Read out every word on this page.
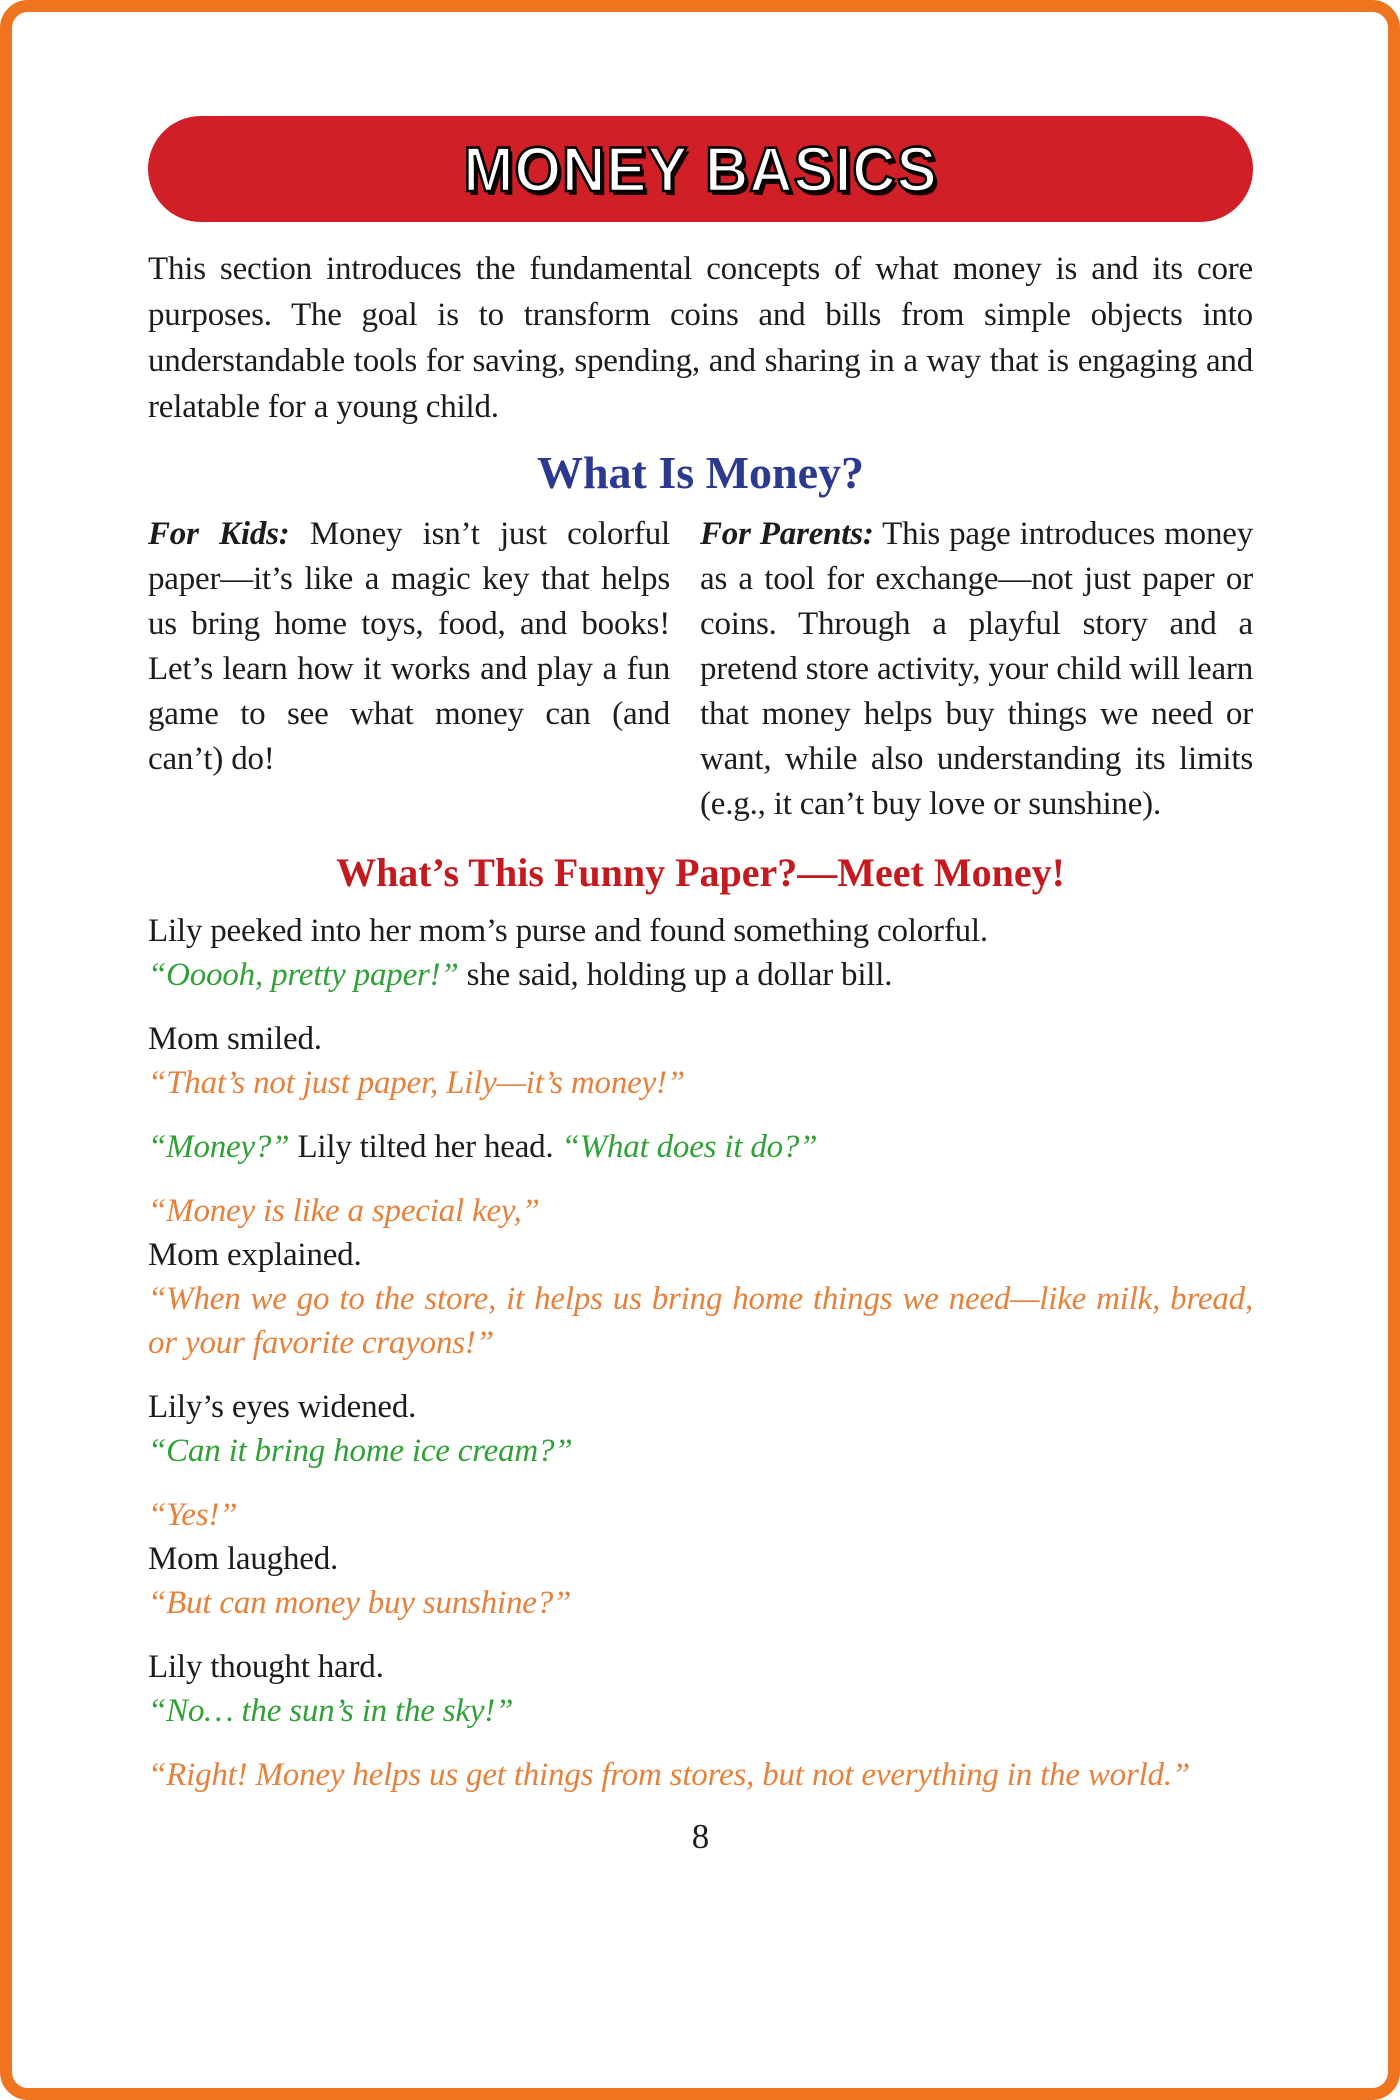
MONEY BASICS

This section introduces the fundamental concepts of what money is and its core purposes. The goal is to transform coins and bills from simple objects into understandable tools for saving, spending, and sharing in a way that is engaging and relatable for a young child.

What Is Money?

For Kids: Money isn’t just colorful paper—it’s like a magic key that helps us bring home toys, food, and books! Let’s learn how it works and play a fun game to see what money can (and can’t) do!

For Parents: This page introduces money as a tool for exchange—not just paper or coins. Through a playful story and a pretend store activity, your child will learn that money helps buy things we need or want, while also understanding its limits (e.g., it can’t buy love or sunshine).

What’s This Funny Paper?—Meet Money!

Lily peeked into her mom’s purse and found something colorful.

“Ooooh, pretty paper!” she said, holding up a dollar bill.

Mom smiled.

“That’s not just paper, Lily—it’s money!”

“Money?” Lily tilted her head. “What does it do?”

“Money is like a special key,”

Mom explained.

“When we go to the store, it helps us bring home things we need—like milk, bread, or your favorite crayons!”

Lily’s eyes widened.

“Can it bring home ice cream?”

“Yes!”

Mom laughed.

“But can money buy sunshine?”

Lily thought hard.

“No… the sun’s in the sky!”

“Right! Money helps us get things from stores, but not everything in the world.”

8
